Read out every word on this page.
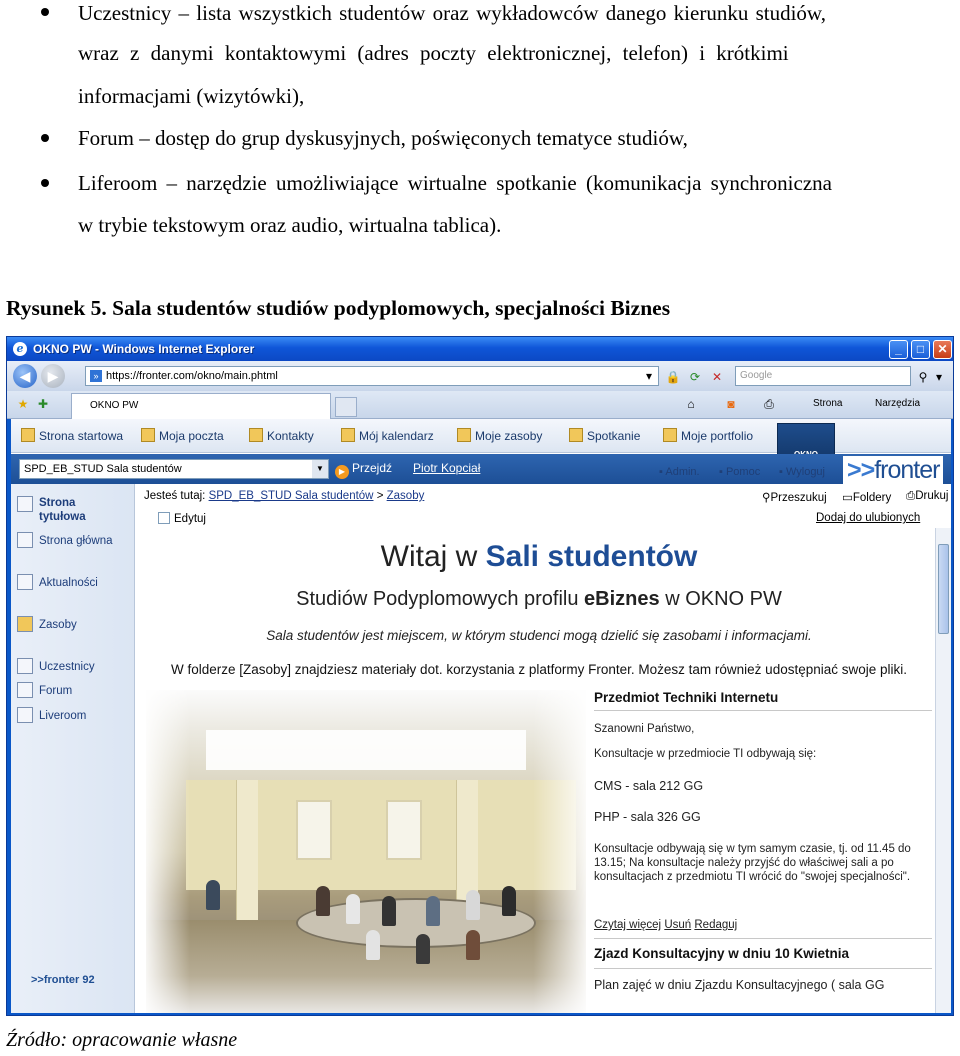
Uczestnicy – lista wszystkich studentów oraz wykładowców danego kierunku studiów,
wraz z danymi kontaktowymi (adres poczty elektronicznej, telefon) i krótkimi
informacjami (wizytówki),
Forum – dostęp do grup dyskusyjnych, poświęconych tematyce studiów,
Liferoom – narzędzie umożliwiające wirtualne spotkanie (komunikacja synchroniczna
w trybie tekstowym oraz audio, wirtualna tablica).
Rysunek 5. Sala studentów studiów podyplomowych, specjalności Biznes
e OKNO PW - Windows Internet Explorer	_	□	✕
◀	▶	» https://fronter.com/okno/main.phtml	▾	🔒 ⟳ ✕	Google	⚲ ▾
★ ✚	OKNO PW	⌂	◙	⎙	Strona	Narzędzia
Strona startowa	Moja poczta	Kontakty	Mój kalendarz	Moje zasoby	Spotkanie	Moje portfolio
SPD_EB_STUD Sala studentów	▼	▶ Przejdź Piotr Kopciał	>>fronter
▪ Admin. ▪ Pomoc ▪ Wyloguj
Strona tytułowa
Strona główna
Aktualności
Zasoby
Uczestnicy
Forum
Liveroom
>>fronter 92
Jesteś tutaj: SPD_EB_STUD Sala studentów > Zasoby	⚲Przeszukuj ▭Foldery ⎙Drukuj
Edytuj	Dodaj do ulubionych
Witaj w Sali studentów
Studiów Podyplomowych profilu eBiznes w OKNO PW
Sala studentów jest miejscem, w którym studenci mogą dzielić się zasobami i informacjami.
W folderze [Zasoby] znajdziesz materiały dot. korzystania z platformy Fronter. Możesz tam również udostępniać swoje pliki.
Przedmiot Techniki Internetu
Szanowni Państwo,
Konsultacje w przedmiocie TI odbywają się:
CMS - sala 212 GG
PHP - sala 326 GG
Konsultacje odbywają się w tym samym czasie, tj. od 11.45 do
13.15; Na konsultacje należy przyjść do właściwej sali a po
konsultacjach z przedmiotu TI wrócić do "swojej specjalności".
Czytaj więcej Usuń Redaguj
Zjazd Konsultacyjny w dniu 10 Kwietnia
Plan zajęć w dniu Zjazdu Konsultacyjnego ( sala GG
Źródło: opracowanie własne
